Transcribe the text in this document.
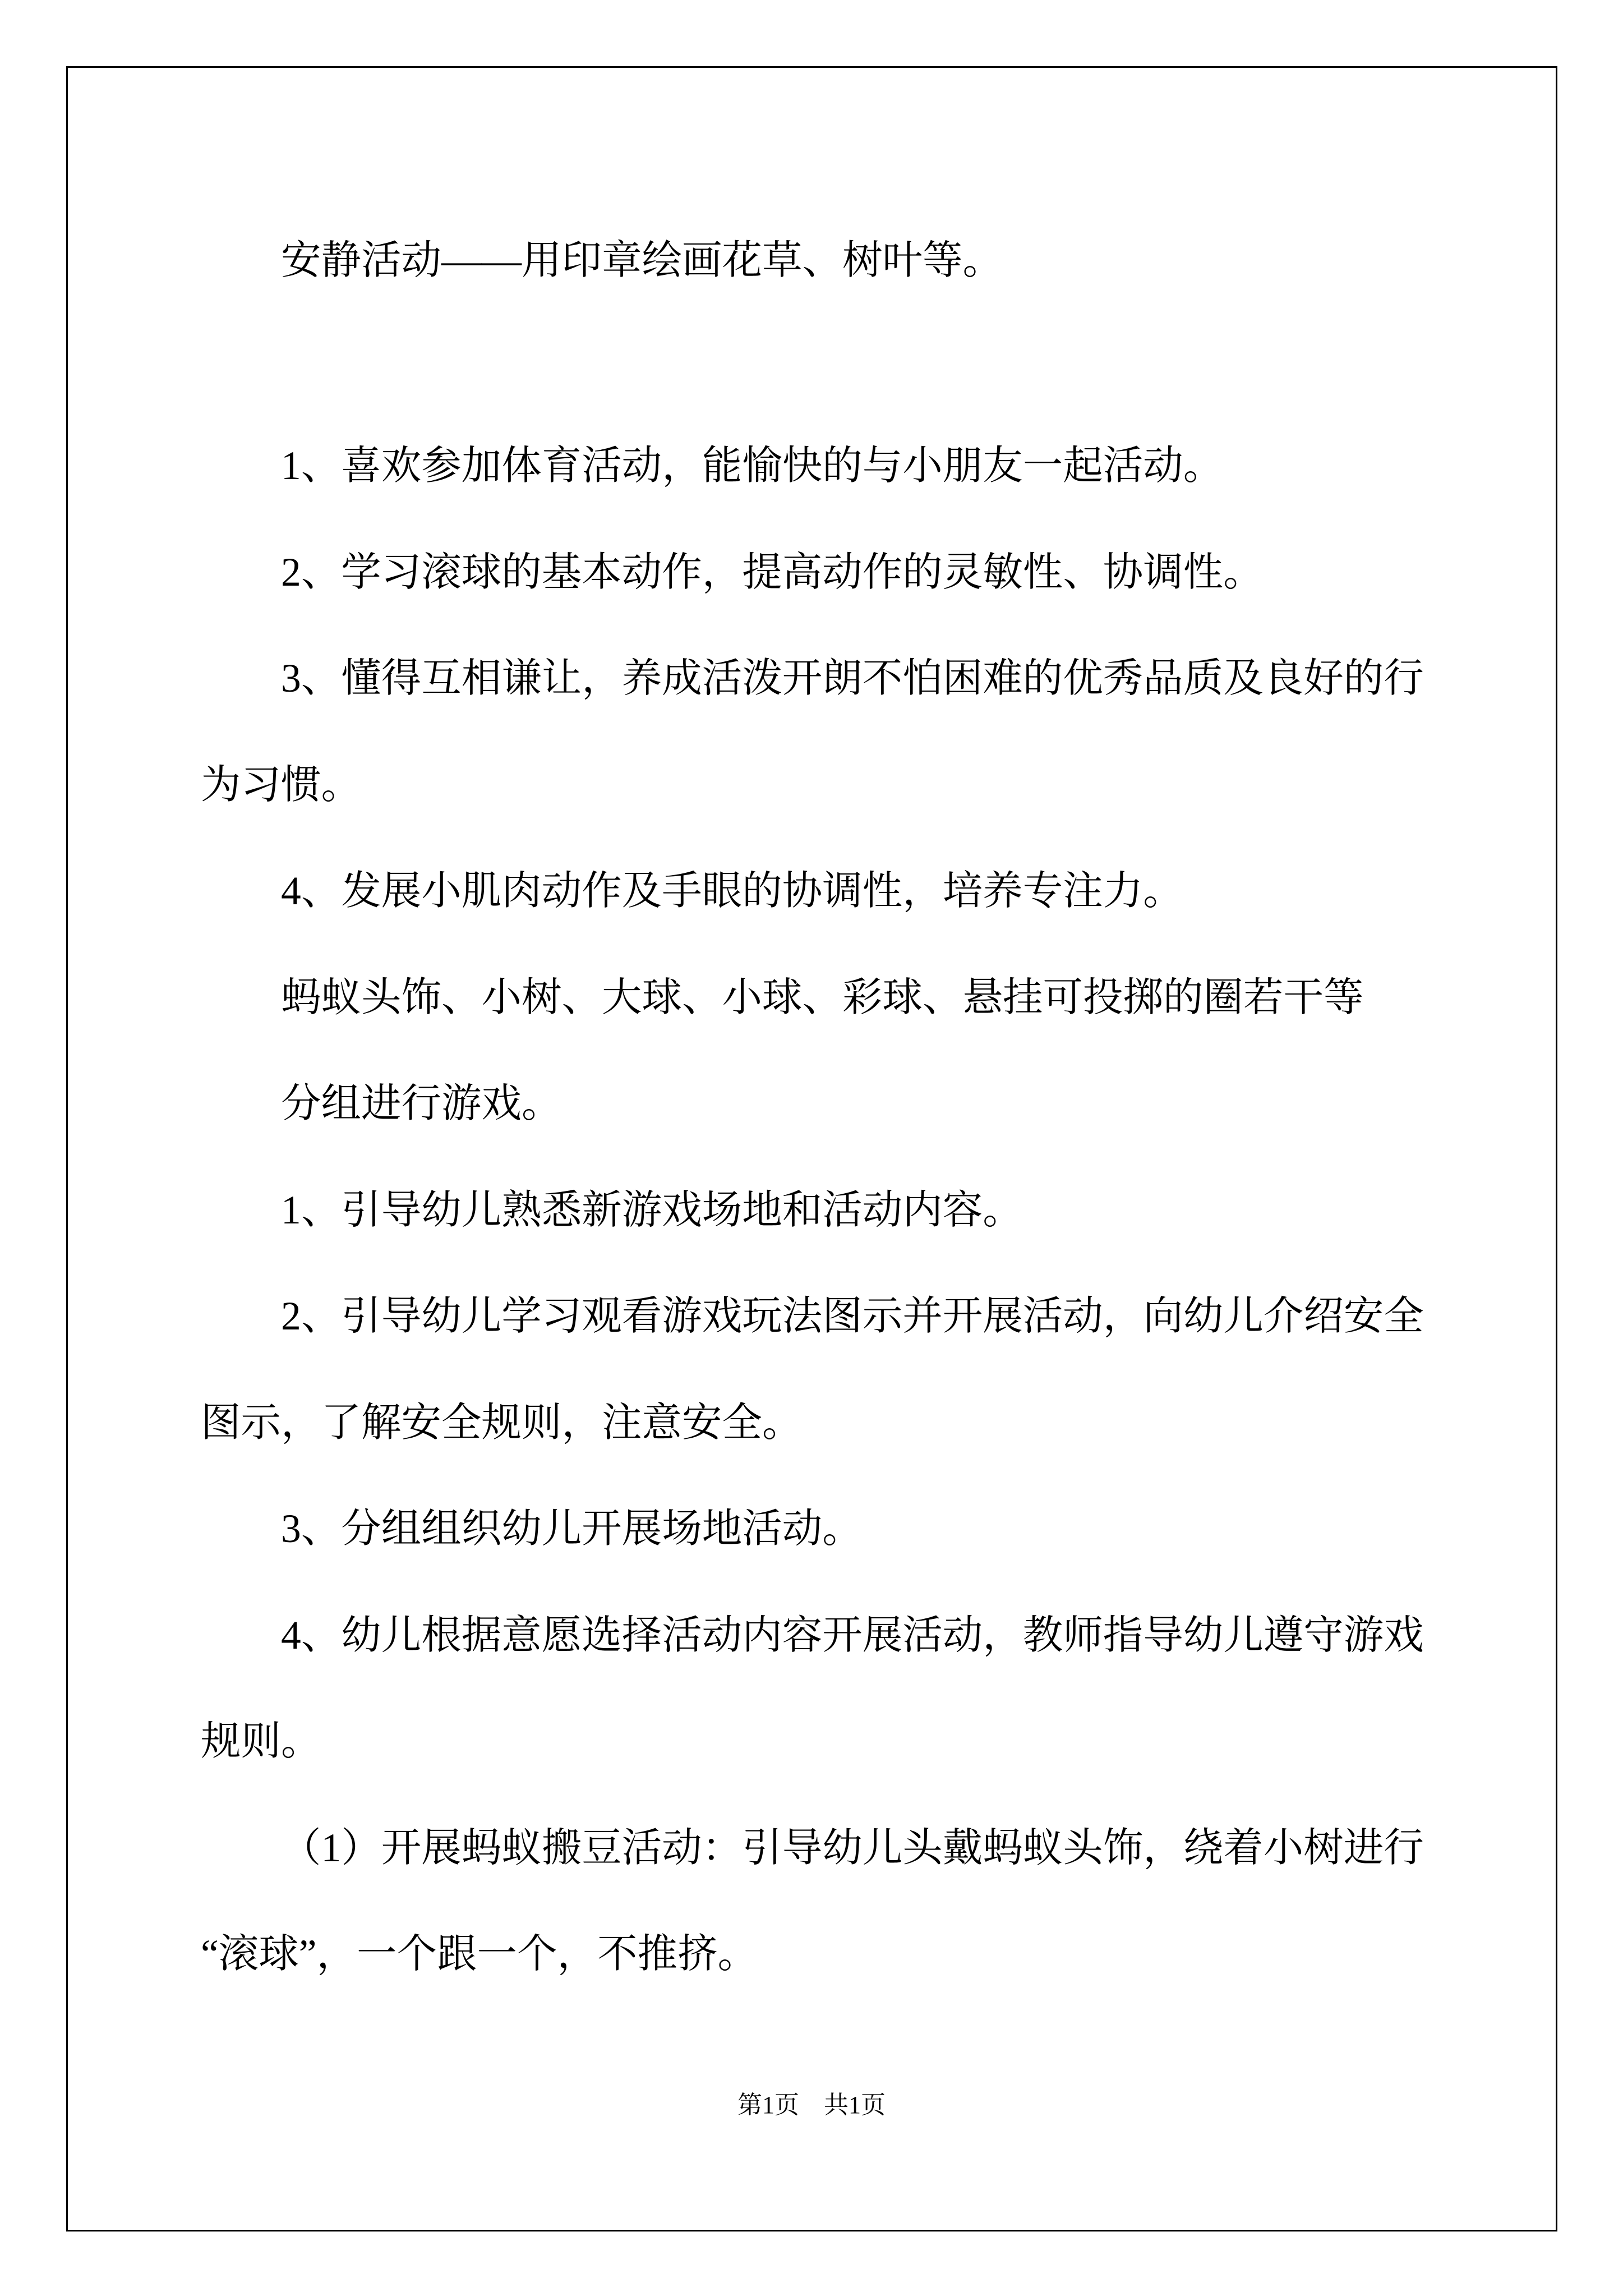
安静活动——用印章绘画花草、树叶等。
1、喜欢参加体育活动，能愉快的与小朋友一起活动。
2、学习滚球的基本动作，提高动作的灵敏性、协调性。
3、懂得互相谦让，养成活泼开朗不怕困难的优秀品质及良好的行
为习惯。
4、发展小肌肉动作及手眼的协调性，培养专注力。
蚂蚁头饰、小树、大球、小球、彩球、悬挂可投掷的圈若干等
分组进行游戏。
1、引导幼儿熟悉新游戏场地和活动内容。
2、引导幼儿学习观看游戏玩法图示并开展活动，向幼儿介绍安全
图示，了解安全规则，注意安全。
3、分组组织幼儿开展场地活动。
4、幼儿根据意愿选择活动内容开展活动，教师指导幼儿遵守游戏
规则。
（1）开展蚂蚁搬豆活动：引导幼儿头戴蚂蚁头饰，绕着小树进行
“滚球”，一个跟一个，不推挤。
第1页　共1页
